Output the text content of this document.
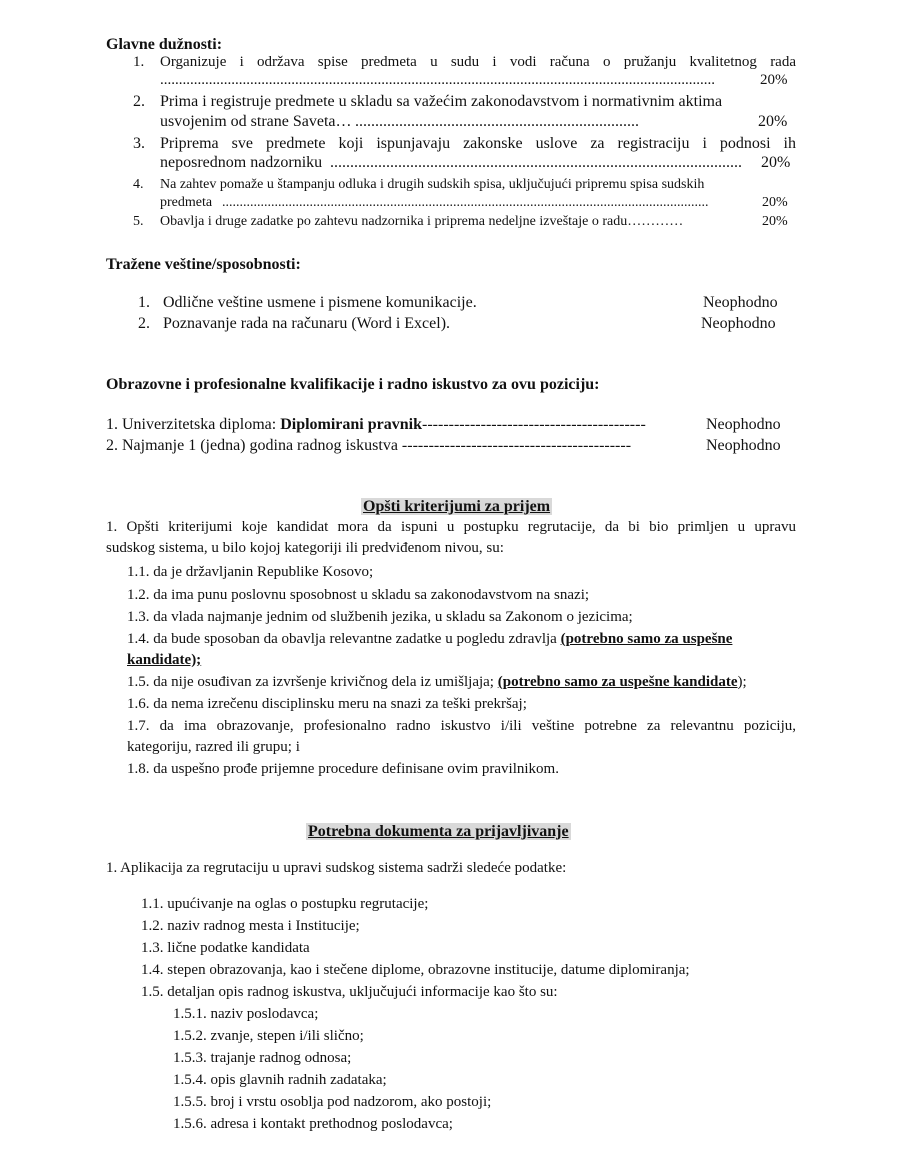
Glavne dužnosti:
1. Organizuje i održava spise predmeta u sudu i vodi računa o pružanju kvalitetnog rada
....................................................................................................................................................	20%
2. Prima i registruje predmete u skladu sa važećim zakonodavstvom i normativnim aktima
usvojenim od strane Saveta… .......................................................................	20%
3. Priprema sve predmete koji ispunjavaju zakonske uslove za registraciju i podnosi ih
neposrednom nadzorniku .......................................................................................................	20%
4. Na zahtev pomaže u štampanju odluka i drugih sudskih spisa, uključujući pripremu spisa sudskih
predmeta ...........................................................................................................................................	20%
5. Obavlja i druge zadatke po zahtevu nadzornika i priprema nedeljne izveštaje o radu…………	20%
Tražene veštine/sposobnosti:
1. Odlične veštine usmene i pismene komunikacije.	Neophodno
2. Poznavanje rada na računaru (Word i Excel).	Neophodno
Obrazovne i profesionalne kvalifikacije i radno iskustvo za ovu poziciju:
1. Univerzitetska diploma: Diplomirani pravnik------------------------------------------	Neophodno
2. Najmanje 1 (jedna) godina radnog iskustva -------------------------------------------	Neophodno
Opšti kriterijumi za prijem
1. Opšti kriterijumi koje kandidat mora da ispuni u postupku regrutacije, da bi bio primljen u upravu
sudskog sistema, u bilo kojoj kategoriji ili predviđenom nivou, su:
1.1. da je državljanin Republike Kosovo;
1.2. da ima punu poslovnu sposobnost u skladu sa zakonodavstvom na snazi;
1.3. da vlada najmanje jednim od službenih jezika, u skladu sa Zakonom o jezicima;
1.4. da bude sposoban da obavlja relevantne zadatke u pogledu zdravlja (potrebno samo za uspešne
kandidate);
1.5. da nije osuđivan za izvršenje krivičnog dela iz umišljaja; (potrebno samo za uspešne kandidate);
1.6. da nema izrečenu disciplinsku meru na snazi za teški prekršaj;
1.7. da ima obrazovanje, profesionalno radno iskustvo i/ili veštine potrebne za relevantnu poziciju,
kategoriju, razred ili grupu; i
1.8. da uspešno prođe prijemne procedure definisane ovim pravilnikom.
Potrebna dokumenta za prijavljivanje
1. Aplikacija za regrutaciju u upravi sudskog sistema sadrži sledeće podatke:
1.1. upućivanje na oglas o postupku regrutacije;
1.2. naziv radnog mesta i Institucije;
1.3. lične podatke kandidata
1.4. stepen obrazovanja, kao i stečene diplome, obrazovne institucije, datume diplomiranja;
1.5. detaljan opis radnog iskustva, uključujući informacije kao što su:
1.5.1. naziv poslodavca;
1.5.2. zvanje, stepen i/ili slično;
1.5.3. trajanje radnog odnosa;
1.5.4. opis glavnih radnih zadataka;
1.5.5. broj i vrstu osoblja pod nadzorom, ako postoji;
1.5.6. adresa i kontakt prethodnog poslodavca;
